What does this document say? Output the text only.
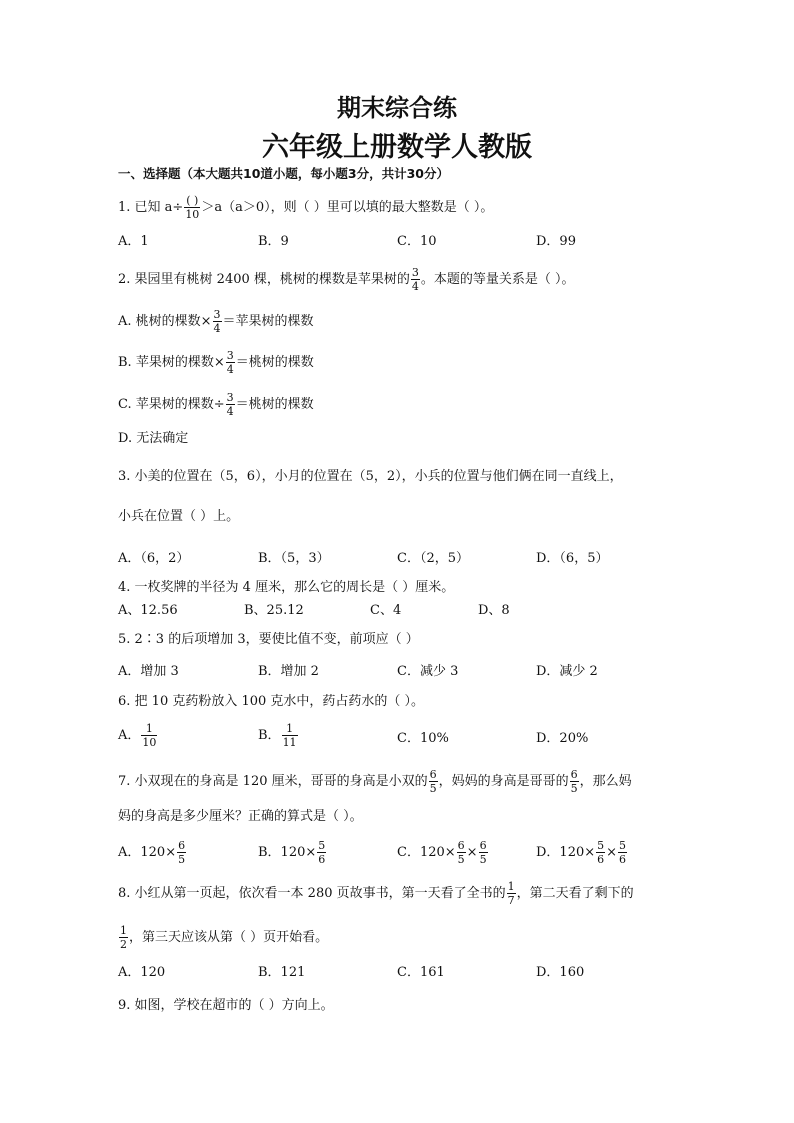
期末综合练
六年级上册数学人教版
一、选择题（本大题共10道小题，每小题3分，共计30分）
1. 已知 $a\div \frac{( )}{10} >a(a>0)$，则（ ）里可以填的最大整数是（ ）。
A．1	B．9	C．10	D．99
2. 果园里有桃树 2400 棵，桃树的棵数是苹果树的 $\frac{3}{4}$ 。本题的等量关系是（ ）。
A. 桃树的棵数× $\frac{3}{4}$ ＝苹果树的棵数
B. 苹果树的棵数× $\frac{3}{4}$ ＝桃树的棵数
C. 苹果树的棵数÷ $\frac{3}{4}$ ＝桃树的棵数
D. 无法确定
3. 小美的位置在（5，6），小月的位置在（5，2），小兵的位置与他们俩在同一直线上，
小兵在位置（ ）上。
A．（6，2）	B．（5，3）	C．（2，5）	D．（6，5）
4. 一枚奖牌的半径为 4 厘米，那么它的周长是（ ）厘米。
A、12.56	B、25.12	C、4	D、8
5. 2∶3 的后项增加 3，要使比值不变，前项应（ ）
A．增加 3	B．增加 2	C．减少 3	D．减少 2
6. 把 10 克药粉放入 100 克水中，药占药水的（ ）。
A． $\frac{1}{10}$	B． $\frac{1}{11}$	C．10%	D．20%
7. 小双现在的身高是 120 厘米，哥哥的身高是小双的 $\frac{6}{5}$ ，妈妈的身高是哥哥的 $\frac{6}{5}$ ，那么妈
妈的身高是多少厘米？正确的算式是（ ）。
A．$120\times \frac{6}{5}$	B．$120\times \frac{5}{6}$	C．$120\times \frac{6}{5} \times \frac{6}{5}$	D．$120\times \frac{5}{6} \times \frac{5}{6}$
8. 小红从第一页起，依次看一本 280 页故事书，第一天看了全书的 $\frac{1}{7}$ ，第二天看了剩下的
$\frac{1}{2}$ ，第三天应该从第（ ）页开始看。
A．120	B．121	C．161	D．160
9. 如图，学校在超市的（ ）方向上。
